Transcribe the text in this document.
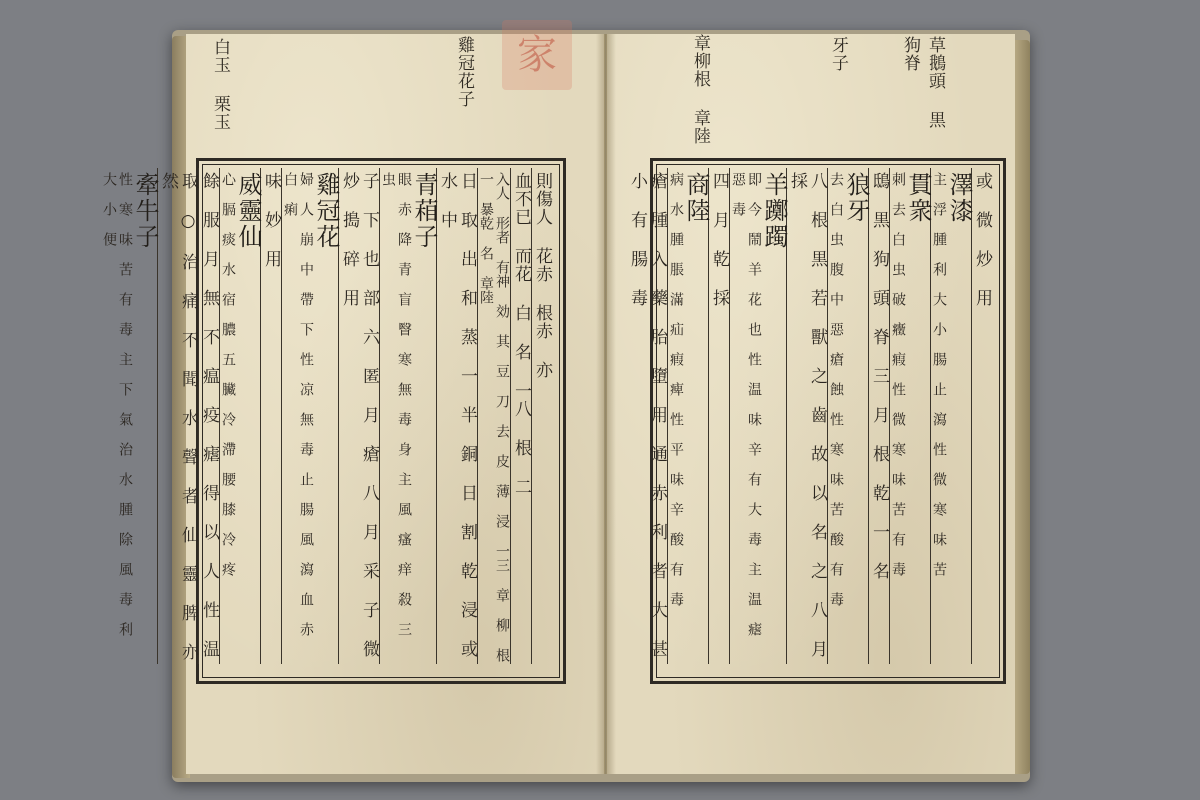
家
白玉 栗玉	雞冠花子	章柳根 章陸	牙子	草鵝頭 黒狗脊
則傷人 花赤 根赤 亦
血不已 而花 白 名 一八 根 二
入人 形者 有神 効 其 豆 刀 去 皮 薄 浸 一三 章 柳 根 一 暴乾 名 章陸
日 取 出 和 蒸 一 半 銅 日 割 乾 浸 或 水 中
青葙子
眼 赤 降 青 盲 瞖 寒 無 毒 身 主 風 瘙 痒 殺 三 虫
子 下 也 部 六 匿 月 瘡 八 月 采 子 微 炒 搗 碎 用
雞冠花
婦 人 崩 中 帶 下 性 凉 無 毒 止 腸 風 瀉 血 赤 白 痢
味 妙 用
威靈仙
心 膈 痰 水 宿 膿 五 臟 冷 滯 腰 膝 冷 疼
餘 服 月 無 不 瘟 疫 瘧 得 以 人 性 温
取 ○ 治 痛 不 聞 水 聲 者 仙 靈 脾 亦 然
牽牛子
性 寒 味 苦 有 毒 主 下 氣 治 水 腫 除 風 毒 利 大 小 便	或 微 炒 用
澤漆
主 浮 腫 利 大 小 腸 止 瀉 性 微 寒 味 苦
貫衆
刺 去 白 虫 破 癥 瘕 性 微 寒 味 苦 有 毒
鴟 黒 狗 頭 脊 三 月 根 乾 一 名
狼牙
去 白 虫 腹 中 惡 瘡 蝕 性 寒 味 苦 酸 有 毒
八 根 黒 若 獸 之 齒 故 以 名 之 八 月 採
羊躑躅
即 今 鬧 羊 花 也 性 温 味 辛 有 大 毒 主 温 瘧 惡 毒
四 月 乾 採
商陸
病 水 腫 脹 滿 疝 瘕 痺 性 平 味 辛 酸 有 毒
瘡 腫 入 藥 胎 墮 用 通 赤 利 者 大 甚 小 有 腸 毒
